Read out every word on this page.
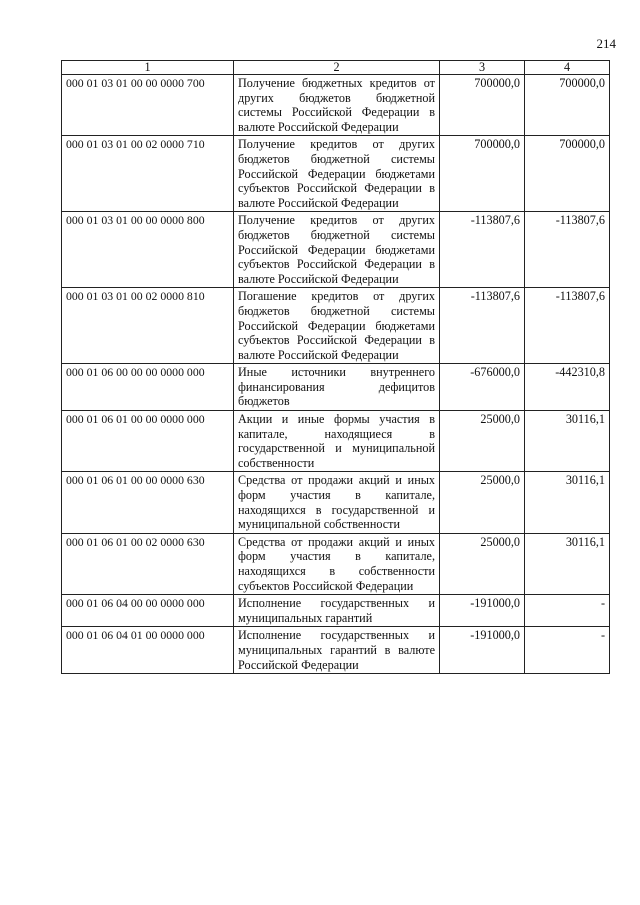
214
1	2	3	4
000 01 03 01 00 00 0000 700	Получение бюджетных кредитов от других бюджетов бюджетной системы Российской Федерации в валюте Российской Федерации	700000,0	700000,0
000 01 03 01 00 02 0000 710	Получение кредитов от других бюджетов бюджетной системы Российской Федерации бюджетами субъектов Российской Федерации в валюте Российской Федерации	700000,0	700000,0
000 01 03 01 00 00 0000 800	Получение кредитов от других бюджетов бюджетной системы Российской Федерации бюджетами субъектов Российской Федерации в валюте Российской Федерации	-113807,6	-113807,6
000 01 03 01 00 02 0000 810	Погашение кредитов от других бюджетов бюджетной системы Российской Федерации бюджетами субъектов Российской Федерации в валюте Российской Федерации	-113807,6	-113807,6
000 01 06 00 00 00 0000 000	Иные источники внутреннего финансирования дефицитов бюджетов	-676000,0	-442310,8
000 01 06 01 00 00 0000 000	Акции и иные формы участия в капитале, находящиеся в государственной и муниципальной собственности	25000,0	30116,1
000 01 06 01 00 00 0000 630	Средства от продажи акций и иных форм участия в капитале, находящихся в государственной и муниципальной собственности	25000,0	30116,1
000 01 06 01 00 02 0000 630	Средства от продажи акций и иных форм участия в капитале, находящихся в собственности субъектов Российской Федерации	25000,0	30116,1
000 01 06 04 00 00 0000 000	Исполнение государственных и муниципальных гарантий	-191000,0	-
000 01 06 04 01 00 0000 000	Исполнение государственных и муниципальных гарантий в валюте Российской Федерации	-191000,0	-
